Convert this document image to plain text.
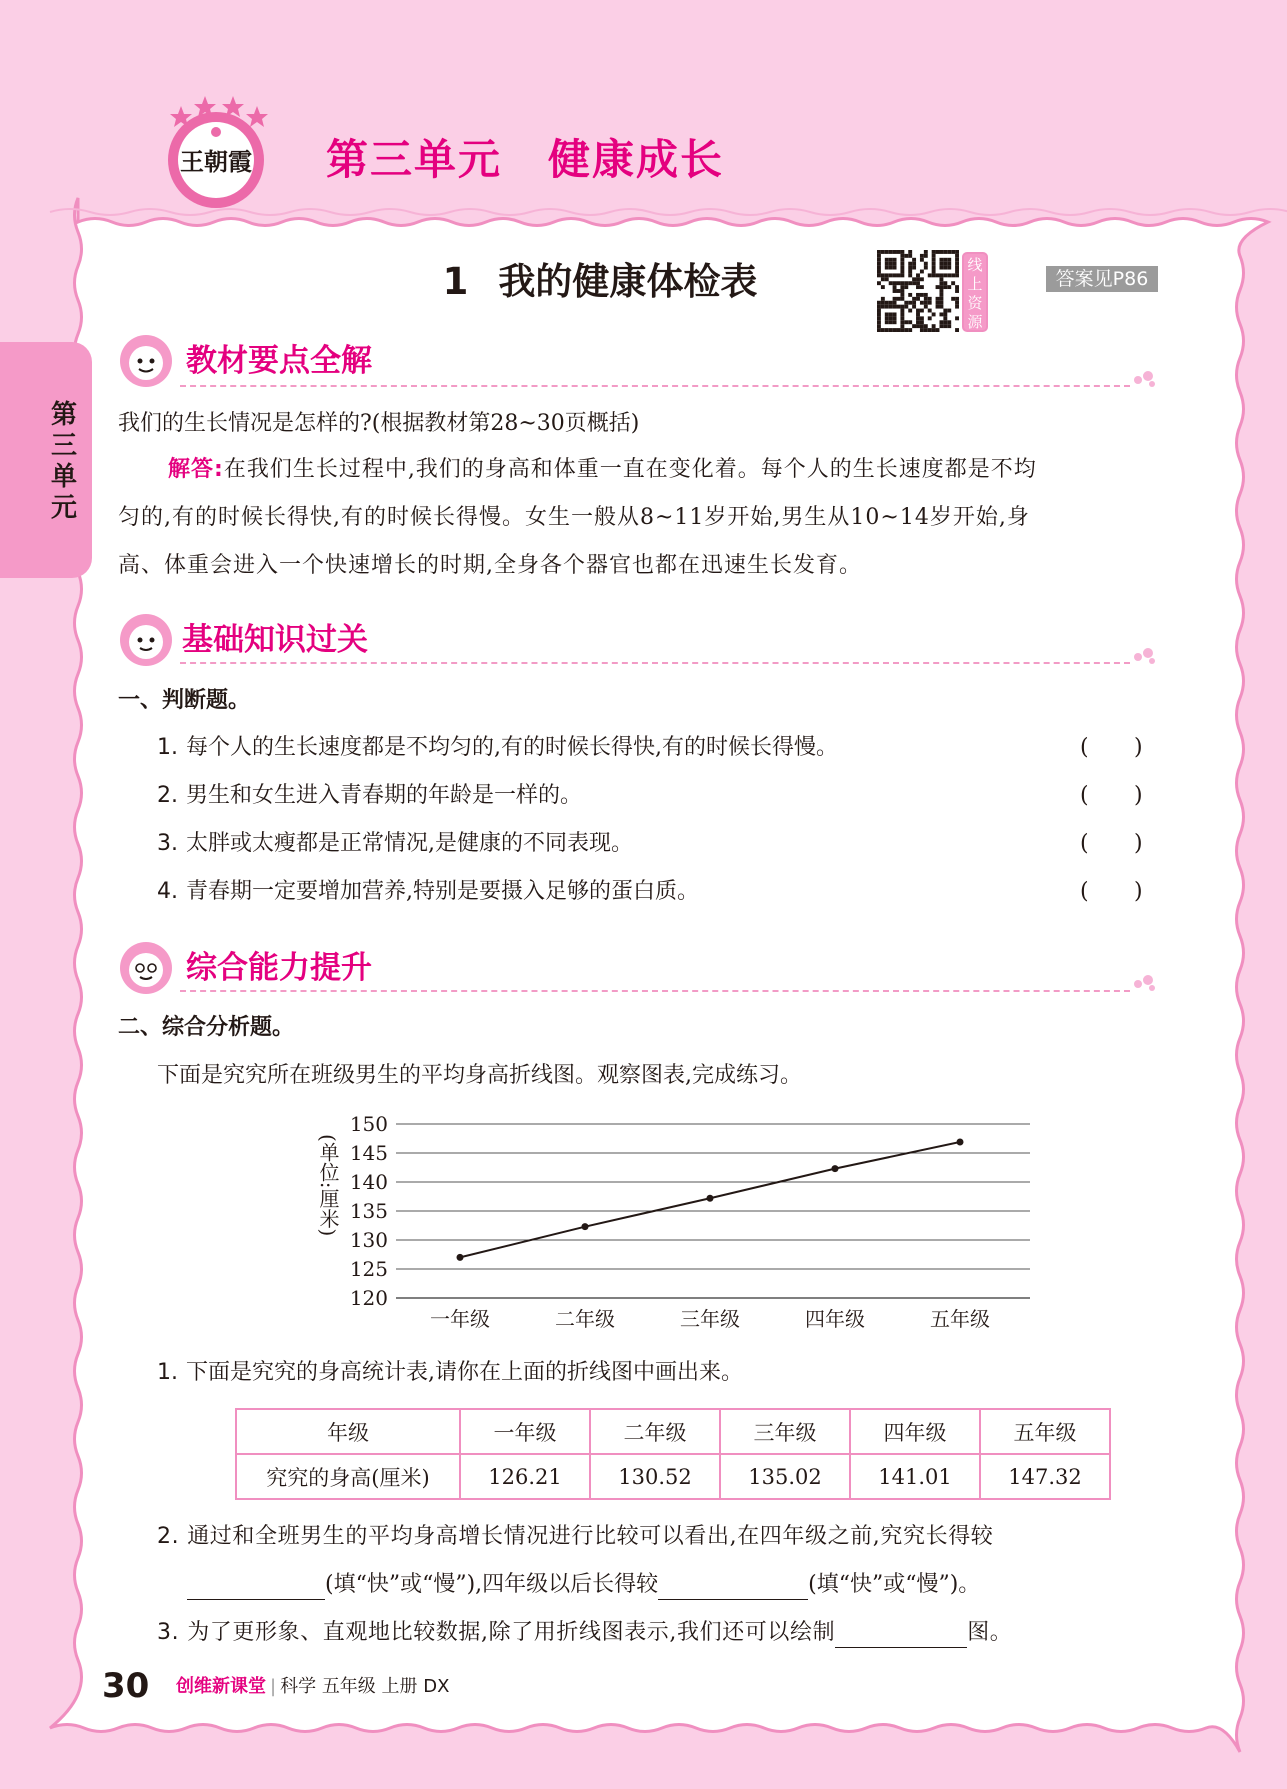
王朝霞 第三单元 健康成长
第三单元
1 我的健康体检表	线上资源
答案见P86
教材要点全解
我们的生长情况是怎样的?(根据教材第28~30页概括)
解答:在我们生长过程中,我们的身高和体重一直在变化着。每个人的生长速度都是不均
匀的,有的时候长得快,有的时候长得慢。女生一般从8~11岁开始,男生从10~14岁开始,身
高、体重会进入一个快速增长的时期,全身各个器官也都在迅速生长发育。
基础知识过关
一、判断题。
1. 每个人的生长速度都是不均匀的,有的时候长得快,有的时候长得慢。	( )
2. 男生和女生进入青春期的年龄是一样的。	( )
3. 太胖或太瘦都是正常情况,是健康的不同表现。	( )
4. 青春期一定要增加营养,特别是要摄入足够的蛋白质。	( )
综合能力提升
二、综合分析题。
下面是究究所在班级男生的平均身高折线图。观察图表,完成练习。
150
145
140
135
130
125
120
一年级	二年级	三年级	四年级	五年级
(单位:厘米)
1. 下面是究究的身高统计表,请你在上面的折线图中画出来。
年级	一年级	二年级	三年级	四年级	五年级
究究的身高(厘米)	126.21	130.52	135.02	141.01	147.32
2. 通过和全班男生的平均身高增长情况进行比较可以看出,在四年级之前,究究长得较
(填“快”或“慢”),四年级以后长得较	(填“快”或“慢”)。
3. 为了更形象、直观地比较数据,除了用折线图表示,我们还可以绘制	图。
30 创维新课堂 | 科学 五年级 上册 DX
